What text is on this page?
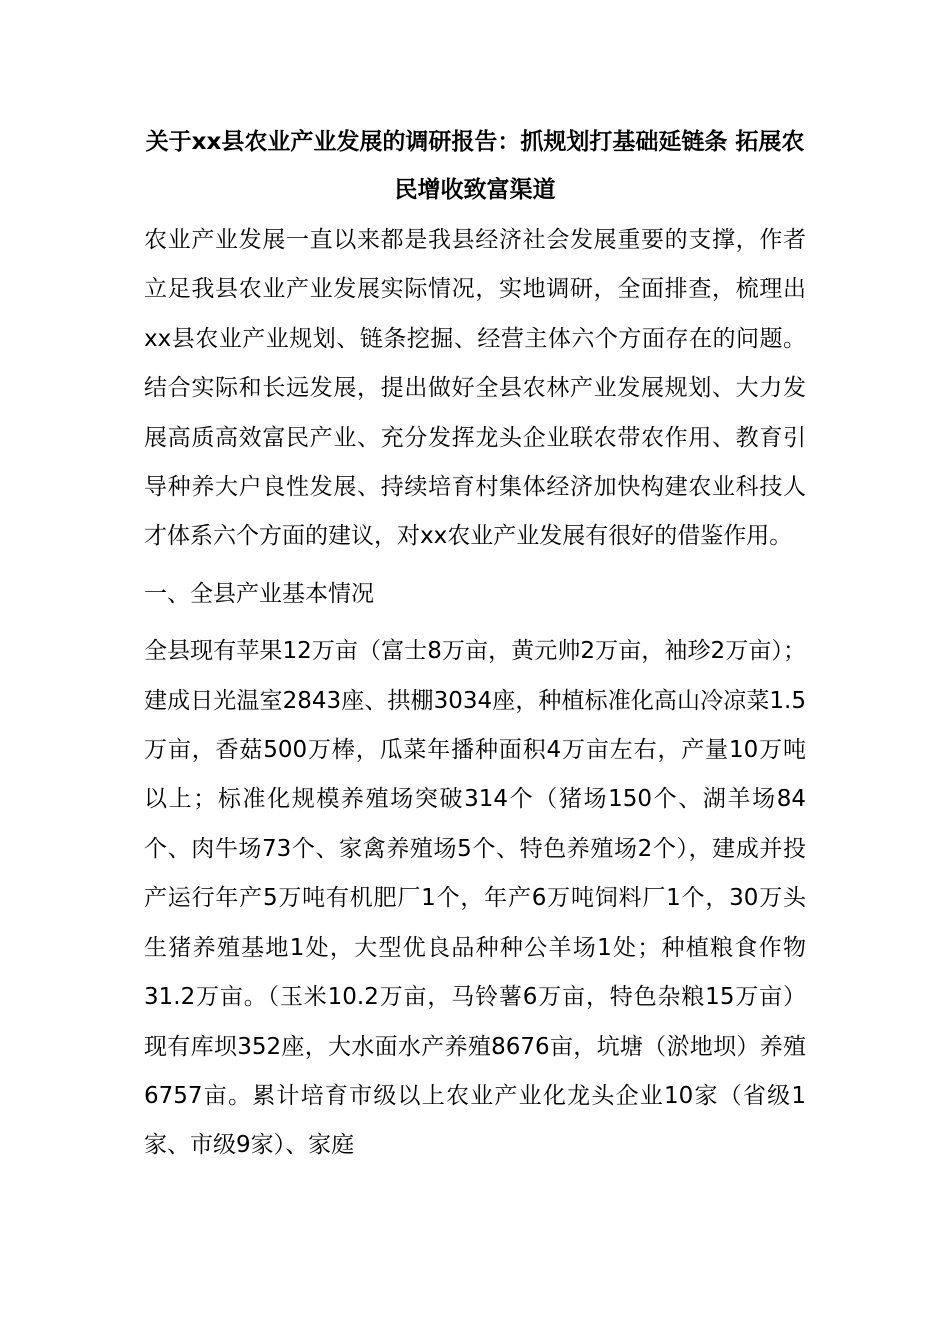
关于xx县农业产业发展的调研报告：抓规划打基础延链条 拓展农民增收致富渠道

农业产业发展一直以来都是我县经济社会发展重要的支撑，作者立足我县农业产业发展实际情况，实地调研，全面排查，梳理出xx县农业产业规划、链条挖掘、经营主体六个方面存在的问题。结合实际和长远发展，提出做好全县农林产业发展规划、大力发展高质高效富民产业、充分发挥龙头企业联农带农作用、教育引导种养大户良性发展、持续培育村集体经济加快构建农业科技人才体系六个方面的建议，对xx农业产业发展有很好的借鉴作用。

一、全县产业基本情况

全县现有苹果12万亩（富士8万亩，黄元帅2万亩，袖珍2万亩）；建成日光温室2843座、拱棚3034座，种植标准化高山冷凉菜1.5万亩，香菇500万棒，瓜菜年播种面积4万亩左右，产量10万吨以上；标准化规模养殖场突破314个（猪场150个、湖羊场84个、肉牛场73个、家禽养殖场5个、特色养殖场2个），建成并投产运行年产5万吨有机肥厂1个，年产6万吨饲料厂1个，30万头生猪养殖基地1处，大型优良品种种公羊场1处；种植粮食作物31.2万亩。（玉米10.2万亩，马铃薯6万亩，特色杂粮15万亩）现有库坝352座，大水面水产养殖8676亩，坑塘（淤地坝）养殖6757亩。累计培育市级以上农业产业化龙头企业10家（省级1家、市级9家）、家庭
